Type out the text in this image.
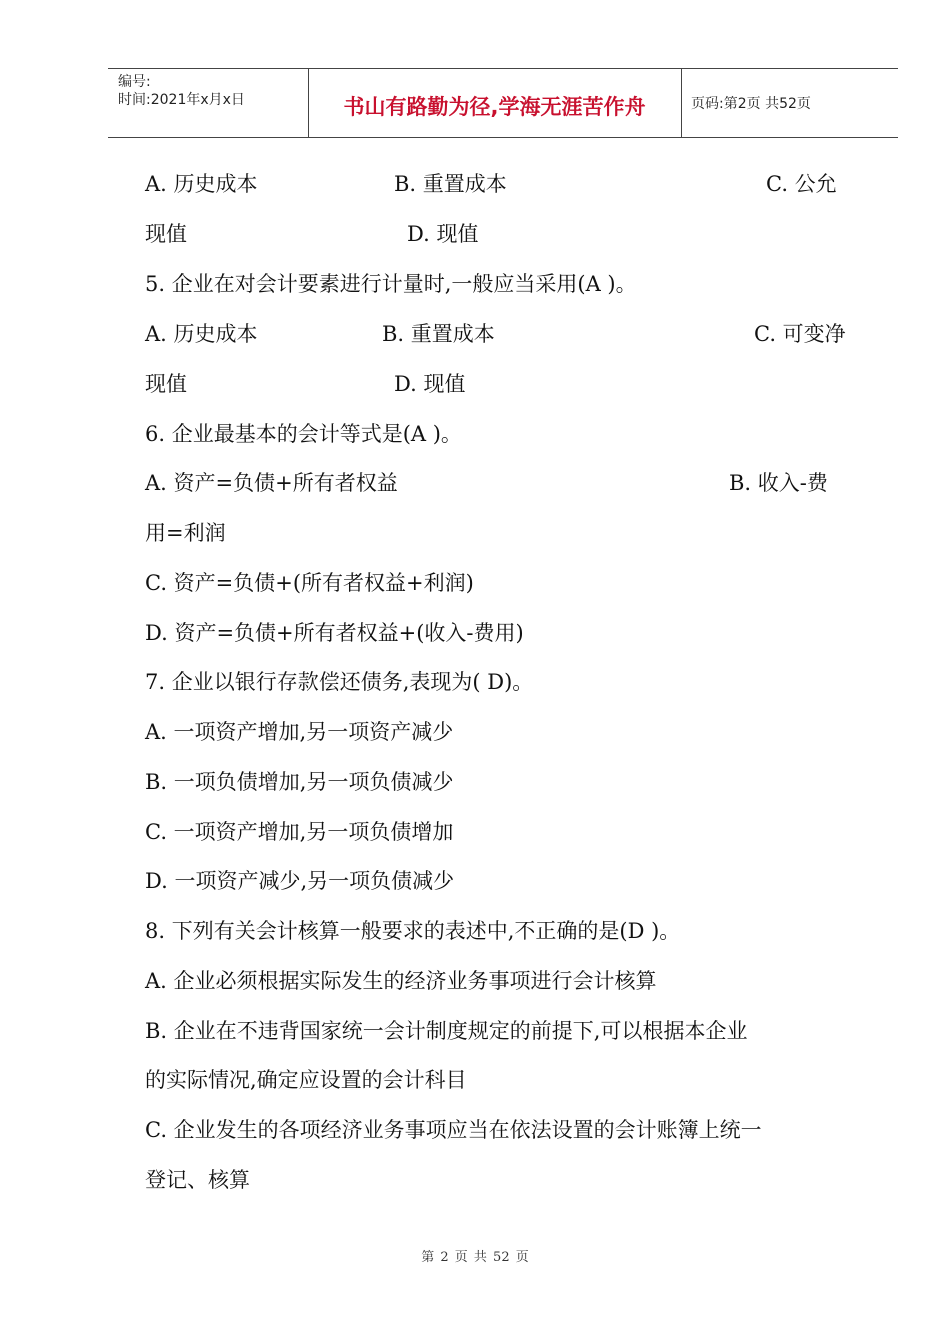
编号:
时间:2021年x月x日	书山有路勤为径,学海无涯苦作舟	页码:第2页 共52页
A. 历史成本	B. 重置成本	C. 公允
现值	D. 现值
5. 企业在对会计要素进行计量时,一般应当采用(A )。
A. 历史成本	B. 重置成本	C. 可变净
现值	D. 现值
6. 企业最基本的会计等式是(A )。
A. 资产=负债+所有者权益	B. 收入-费
用=利润
C. 资产=负债+(所有者权益+利润)
D. 资产=负债+所有者权益+(收入-费用)
7. 企业以银行存款偿还债务,表现为( D)。
A. 一项资产增加,另一项资产减少
B. 一项负债增加,另一项负债减少
C. 一项资产增加,另一项负债增加
D. 一项资产减少,另一项负债减少
8. 下列有关会计核算一般要求的表述中,不正确的是(D )。
A. 企业必须根据实际发生的经济业务事项进行会计核算
B. 企业在不违背国家统一会计制度规定的前提下,可以根据本企业
的实际情况,确定应设置的会计科目
C. 企业发生的各项经济业务事项应当在依法设置的会计账簿上统一
登记、核算
第 2 页 共 52 页
